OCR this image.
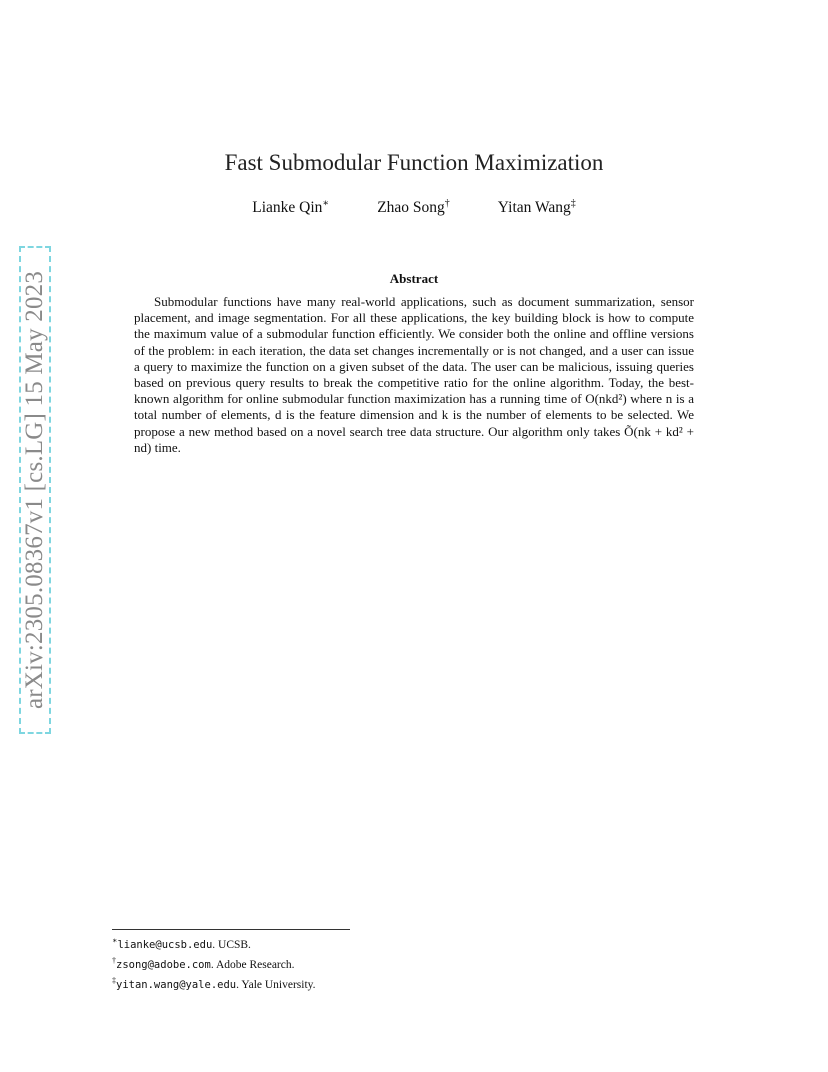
arXiv:2305.08367v1 [cs.LG] 15 May 2023
Fast Submodular Function Maximization
Lianke Qin∗	Zhao Song†	Yitan Wang‡
Abstract
Submodular functions have many real-world applications, such as document summarization, sensor placement, and image segmentation. For all these applications, the key building block is how to compute the maximum value of a submodular function efficiently. We consider both the online and offline versions of the problem: in each iteration, the data set changes incrementally or is not changed, and a user can issue a query to maximize the function on a given subset of the data. The user can be malicious, issuing queries based on previous query results to break the competitive ratio for the online algorithm. Today, the best-known algorithm for online submodular function maximization has a running time of O(nkd²) where n is a total number of elements, d is the feature dimension and k is the number of elements to be selected. We propose a new method based on a novel search tree data structure. Our algorithm only takes Õ(nk + kd² + nd) time.
∗lianke@ucsb.edu. UCSB.
†zsong@adobe.com. Adobe Research.
‡yitan.wang@yale.edu. Yale University.
